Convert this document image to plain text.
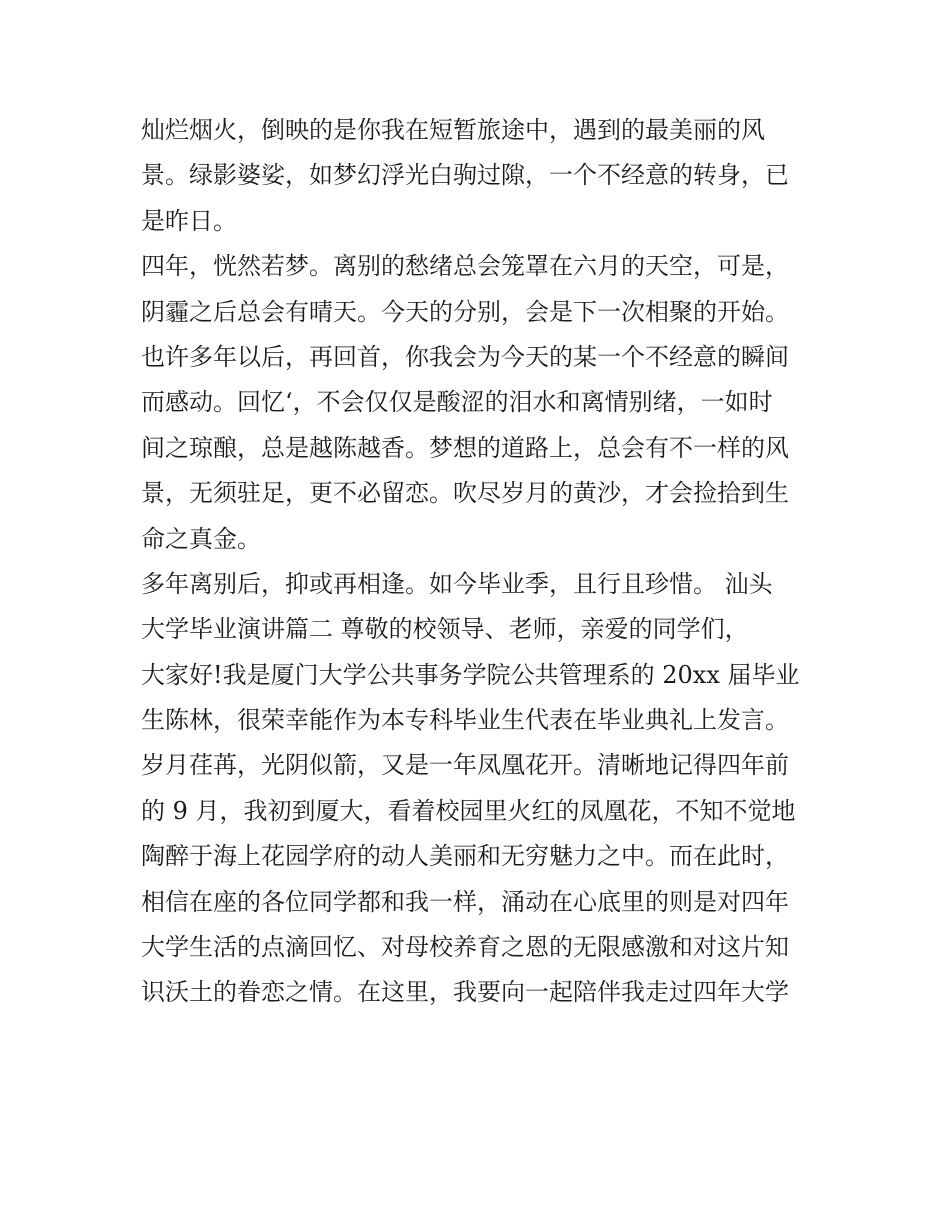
灿烂烟火，倒映的是你我在短暂旅途中，遇到的最美丽的风
景。绿影婆娑，如梦幻浮光白驹过隙，一个不经意的转身，已
是昨日。
四年，恍然若梦。离别的愁绪总会笼罩在六月的天空，可是，
阴霾之后总会有晴天。今天的分别，会是下一次相聚的开始。
也许多年以后，再回首，你我会为今天的某一个不经意的瞬间
而感动。回忆‘，不会仅仅是酸涩的泪水和离情别绪，一如时
间之琼酿，总是越陈越香。梦想的道路上，总会有不一样的风
景，无须驻足，更不必留恋。吹尽岁月的黄沙，才会捡拾到生
命之真金。
多年离别后，抑或再相逢。如今毕业季，且行且珍惜。 汕头
大学毕业演讲篇二 尊敬的校领导、老师，亲爱的同学们，
大家好!我是厦门大学公共事务学院公共管理系的 20xx 届毕业
生陈林，很荣幸能作为本专科毕业生代表在毕业典礼上发言。
岁月荏苒，光阴似箭，又是一年凤凰花开。清晰地记得四年前
的 9 月，我初到厦大，看着校园里火红的凤凰花，不知不觉地
陶醉于海上花园学府的动人美丽和无穷魅力之中。而在此时，
相信在座的各位同学都和我一样，涌动在心底里的则是对四年
大学生活的点滴回忆、对母校养育之恩的无限感激和对这片知
识沃土的眷恋之情。在这里，我要向一起陪伴我走过四年大学
